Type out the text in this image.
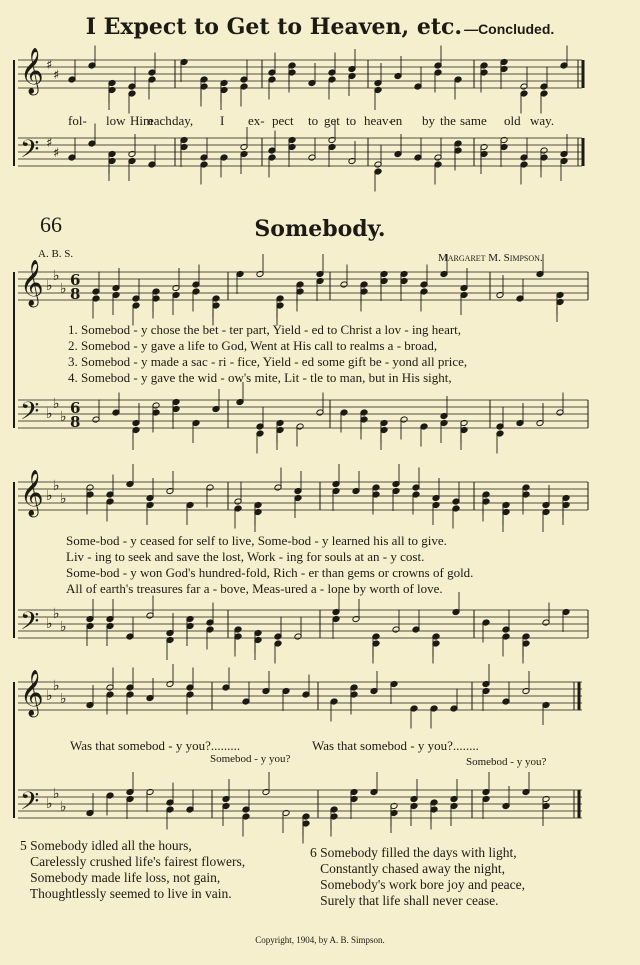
I Expect to Get to Heaven, etc. —Concluded.
fol- low Him
each day, I ex- pect to get to heav-
en by the same old way.
66	Somebody.
A. B. S.	Margaret M. Simpson.
1. Somebod - y chose the bet - ter part, Yield - ed to Christ a lov - ing heart,
2. Somebod - y gave a life to God, Went at His call to realms a - broad,
3. Somebod - y made a sac - ri - fice, Yield - ed some gift be - yond all price,
4. Somebod - y gave the wid - ow's mite, Lit - tle to man, but in His sight,
Some-bod - y ceased for self to live, Some-bod - y learned his all to give.
Liv - ing to seek and save the lost, Work - ing for souls at an - y cost.
Some-bod - y won God's hundred-fold, Rich - er than gems or crowns of gold.
All of earth's treasures far a - bove, Meas-ured a - lone by worth of love.
Was that somebod - y you?.........	Was that somebod - y you?........
Somebod - y you?	Somebod - y you?
5 Somebody idled all the hours,
Carelessly crushed life's fairest flowers,
Somebody made life loss, not gain,
Thoughtlessly seemed to live in vain.
6 Somebody filled the days with light,
Constantly chased away the night,
Somebody's work bore joy and peace,
Surely that life shall never cease.
Copyright, 1904, by A. B. Simpson.
𝄞 ♯
♯
𝄢 ♯
♯
𝄞 ♭
♭
♭ 6
8
𝄢 ♭
♭
♭ 6
8
𝄞 ♭
♭
♭
𝄢 ♭
♭
♭
𝄞 ♭
♭
♭
𝄢 ♭
♭
♭
